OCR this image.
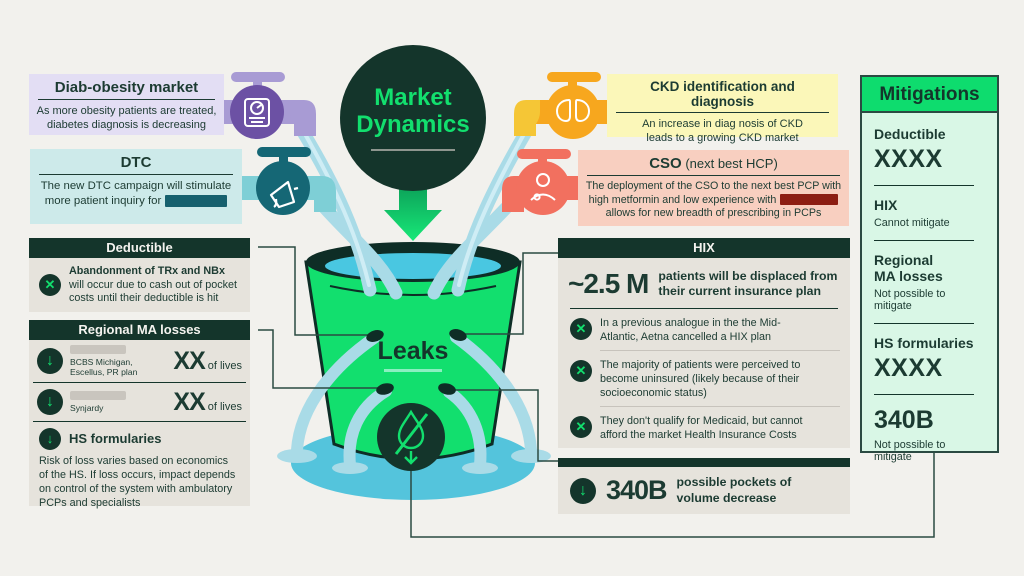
Market
Dynamics
Leaks
Diab-obesity market
As more obesity patients are treated,
diabetes diagnosis is decreasing
DTC
The new DTC campaign will stimulate
more patient inquiry for
CKD identification and diagnosis
An increase in diag nosis of CKD
leads to a growing CKD market
CSO (next best HCP)
The deployment of the CSO to the next best PCP with
high metformin and low experience with
allows for new breadth of prescribing in PCPs
Deductible
✕
Abandonment of TRx and NBx
will occur due to cash out of pocket
costs until their deductible is hit
Regional MA losses
↓ BCBS Michigan,
Escellus, PR plan	XX of lives
↓ Synjardy	XX of lives
↓ HS formularies
Risk of loss varies based on economics of the HS. If loss occurs, impact depends on control of the system with ambulatory PCPs and specialists
HIX
~2.5 M patients will be displaced from
their current insurance plan
✕ In a previous analogue in the the Mid-Atlantic, Aetna cancelled a HIX plan
✕ The majority of patients were perceived to become uninsured (likely because of their socioeconomic status)
✕ They don't qualify for Medicaid, but cannot afford the market Health Insurance Costs
↓ 340B possible pockets of
volume decrease
Mitigations
Deductible
XXXX
HIX
Cannot mitigate
Regional MA losses
Not possible to mitigate
HS formularies
XXXX
340B
Not possible to mitigate
